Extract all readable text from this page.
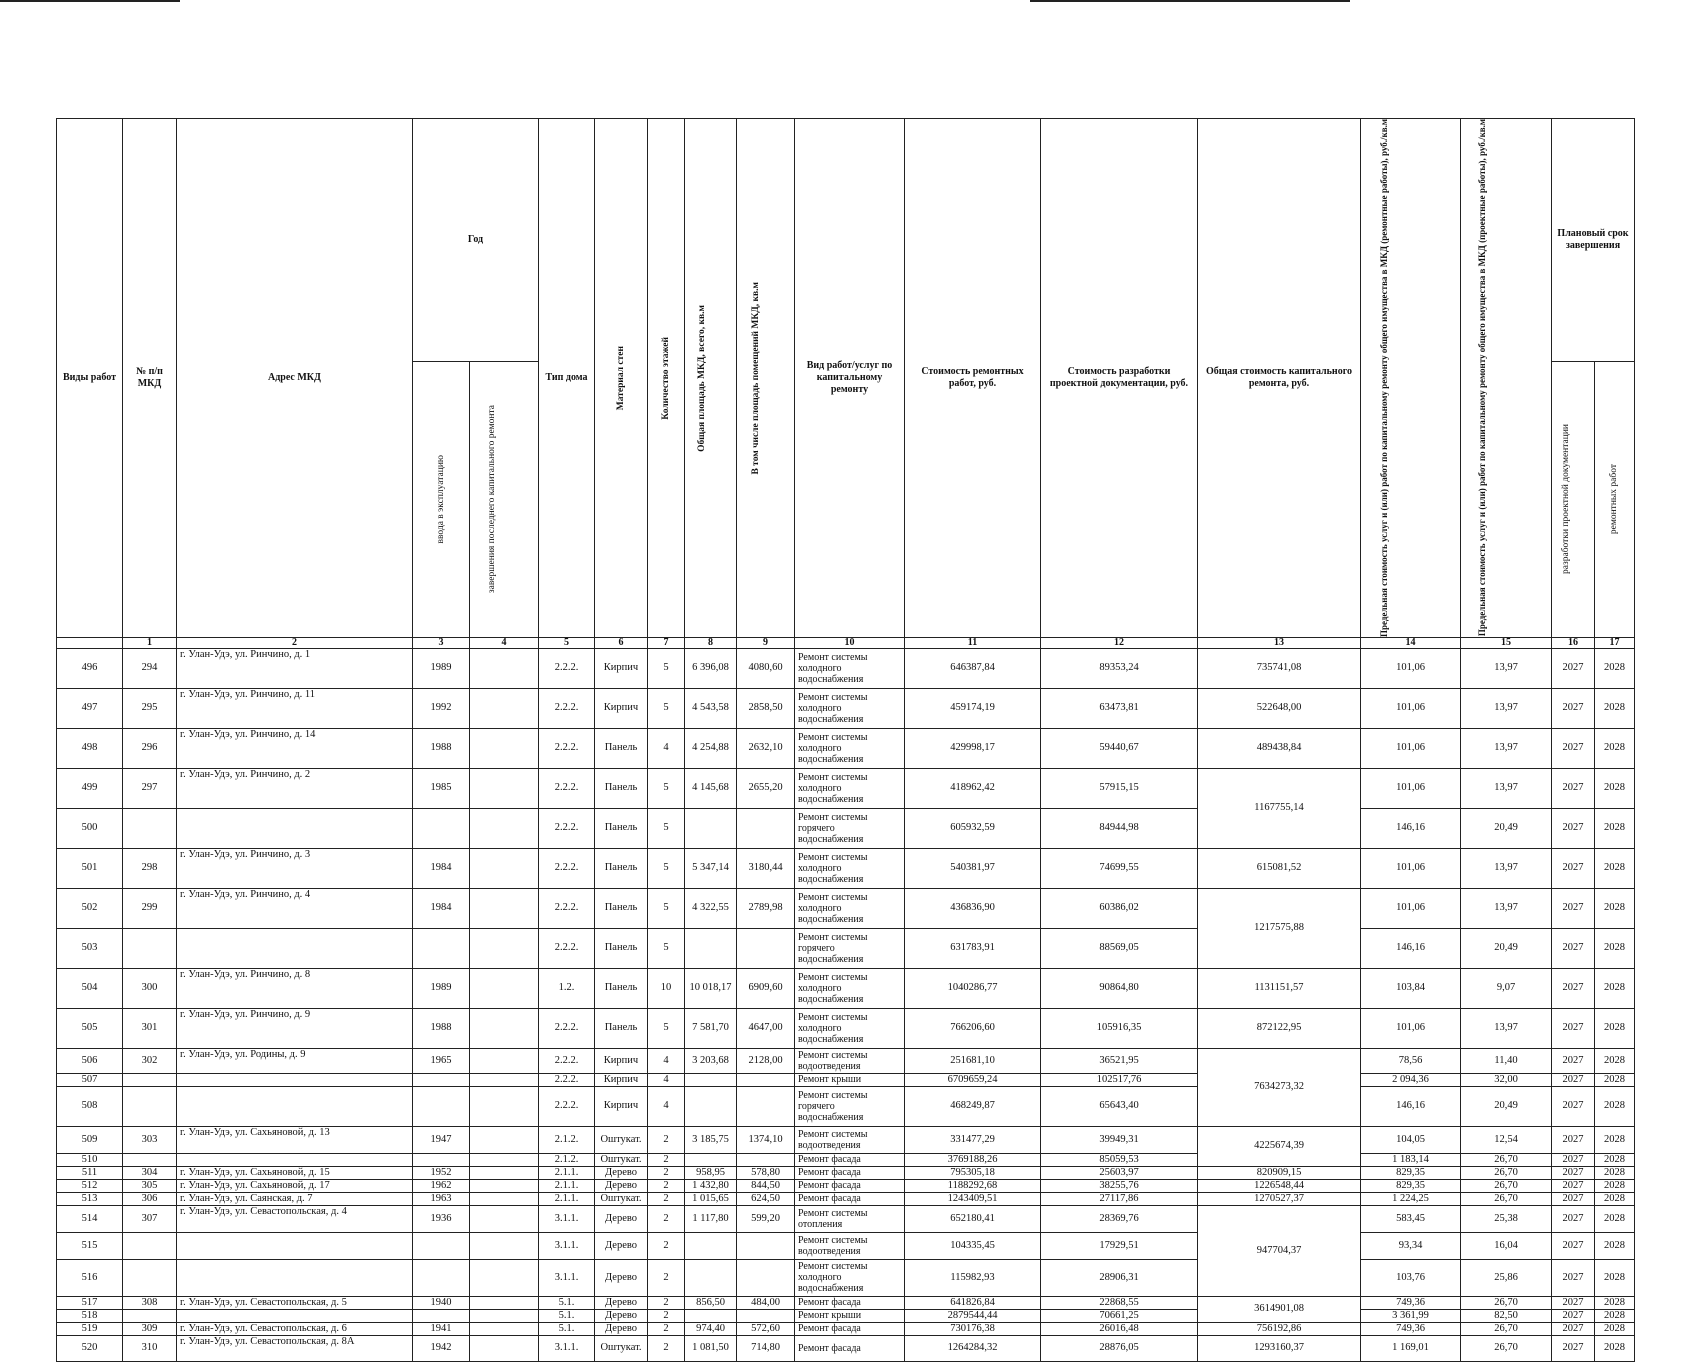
Виды работ	№ п/п МКД	Адрес МКД	Год		Тип дома	Материал стен	Количество этажей	Общая площадь МКД, всего, кв.м	В том числе площадь помещений МКД, кв.м	Вид работ/услуг по капитальному ремонту	Стоимость ремонтных работ, руб.	Стоимость разработки проектной документации, руб.	Общая стоимость капитального ремонта, руб.	Предельная стоимость услуг и (или) работ по капитальному ремонту общего имущества в МКД (ремонтные работы), руб./кв.м	Предельная стоимость услуг и (или) работ по капитальному ремонту общего имущества в МКД (проектные работы), руб./кв.м	Плановый срок завершения	

			ввода в эксплуатацию	завершения последнего капитального ремонта												разработки проектной документации	ремонтных работ

	1	2	3	4	5	6	7	8	9	10	11	12	13	14	15	16	17
496	294	г. Улан-Удэ, ул. Ринчино, д. 1	1989		2.2.2.	Кирпич	5	6 396,08	4080,60	Ремонт системы холодного водоснабжения	646387,84	89353,24	735741,08	101,06	13,97	2027	2028
497	295	г. Улан-Удэ, ул. Ринчино, д. 11	1992		2.2.2.	Кирпич	5	4 543,58	2858,50	Ремонт системы холодного водоснабжения	459174,19	63473,81	522648,00	101,06	13,97	2027	2028
498	296	г. Улан-Удэ, ул. Ринчино, д. 14	1988		2.2.2.	Панель	4	4 254,88	2632,10	Ремонт системы холодного водоснабжения	429998,17	59440,67	489438,84	101,06	13,97	2027	2028
499	297	г. Улан-Удэ, ул. Ринчино, д. 2	1985		2.2.2.	Панель	5	4 145,68	2655,20	Ремонт системы холодного водоснабжения	418962,42	57915,15	1167755,14	101,06	13,97	2027	2028
500					2.2.2.	Панель	5			Ремонт системы горячего водоснабжения	605932,59	84944,98		146,16	20,49	2027	2028
501	298	г. Улан-Удэ, ул. Ринчино, д. 3	1984		2.2.2.	Панель	5	5 347,14	3180,44	Ремонт системы холодного водоснабжения	540381,97	74699,55	615081,52	101,06	13,97	2027	2028
502	299	г. Улан-Удэ, ул. Ринчино, д. 4	1984		2.2.2.	Панель	5	4 322,55	2789,98	Ремонт системы холодного водоснабжения	436836,90	60386,02	1217575,88	101,06	13,97	2027	2028
503					2.2.2.	Панель	5			Ремонт системы горячего водоснабжения	631783,91	88569,05		146,16	20,49	2027	2028
504	300	г. Улан-Удэ, ул. Ринчино, д. 8	1989		1.2.	Панель	10	10 018,17	6909,60	Ремонт системы холодного водоснабжения	1040286,77	90864,80	1131151,57	103,84	9,07	2027	2028
505	301	г. Улан-Удэ, ул. Ринчино, д. 9	1988		2.2.2.	Панель	5	7 581,70	4647,00	Ремонт системы холодного водоснабжения	766206,60	105916,35	872122,95	101,06	13,97	2027	2028
506	302	г. Улан-Удэ, ул. Родины, д. 9	1965		2.2.2.	Кирпич	4	3 203,68	2128,00	Ремонт системы водоотведения	251681,10	36521,95	7634273,32	78,56	11,40	2027	2028
507					2.2.2.	Кирпич	4			Ремонт крыши	6709659,24	102517,76		2 094,36	32,00	2027	2028
508					2.2.2.	Кирпич	4			Ремонт системы горячего водоснабжения	468249,87	65643,40		146,16	20,49	2027	2028
509	303	г. Улан-Удэ, ул. Сахьяновой, д. 13	1947		2.1.2.	Оштукат.	2	3 185,75	1374,10	Ремонт системы водоотведения	331477,29	39949,31	4225674,39	104,05	12,54	2027	2028
510					2.1.2.	Оштукат.	2			Ремонт фасада	3769188,26	85059,53		1 183,14	26,70	2027	2028
511	304	г. Улан-Удэ, ул. Сахьяновой, д. 15	1952		2.1.1.	Дерево	2	958,95	578,80	Ремонт фасада	795305,18	25603,97	820909,15	829,35	26,70	2027	2028
512	305	г. Улан-Удэ, ул. Сахьяновой, д. 17	1962		2.1.1.	Дерево	2	1 432,80	844,50	Ремонт фасада	1188292,68	38255,76	1226548,44	829,35	26,70	2027	2028
513	306	г. Улан-Удэ, ул. Саянская, д. 7	1963		2.1.1.	Оштукат.	2	1 015,65	624,50	Ремонт фасада	1243409,51	27117,86	1270527,37	1 224,25	26,70	2027	2028
514	307	г. Улан-Удэ, ул. Севастопольская, д. 4	1936		3.1.1.	Дерево	2	1 117,80	599,20	Ремонт системы отопления	652180,41	28369,76	947704,37	583,45	25,38	2027	2028
515					3.1.1.	Дерево	2			Ремонт системы водоотведения	104335,45	17929,51		93,34	16,04	2027	2028
516					3.1.1.	Дерево	2			Ремонт системы холодного водоснабжения	115982,93	28906,31		103,76	25,86	2027	2028
517	308	г. Улан-Удэ, ул. Севастопольская, д. 5	1940		5.1.	Дерево	2	856,50	484,00	Ремонт фасада	641826,84	22868,55	3614901,08	749,36	26,70	2027	2028
518					5.1.	Дерево	2			Ремонт крыши	2879544,44	70661,25		3 361,99	82,50	2027	2028
519	309	г. Улан-Удэ, ул. Севастопольская, д. 6	1941		5.1.	Дерево	2	974,40	572,60	Ремонт фасада	730176,38	26016,48	756192,86	749,36	26,70	2027	2028
520	310	г. Улан-Удэ, ул. Севастопольская, д. 8А	1942		3.1.1.	Оштукат.	2	1 081,50	714,80	Ремонт фасада	1264284,32	28876,05	1293160,37	1 169,01	26,70	2027	2028
